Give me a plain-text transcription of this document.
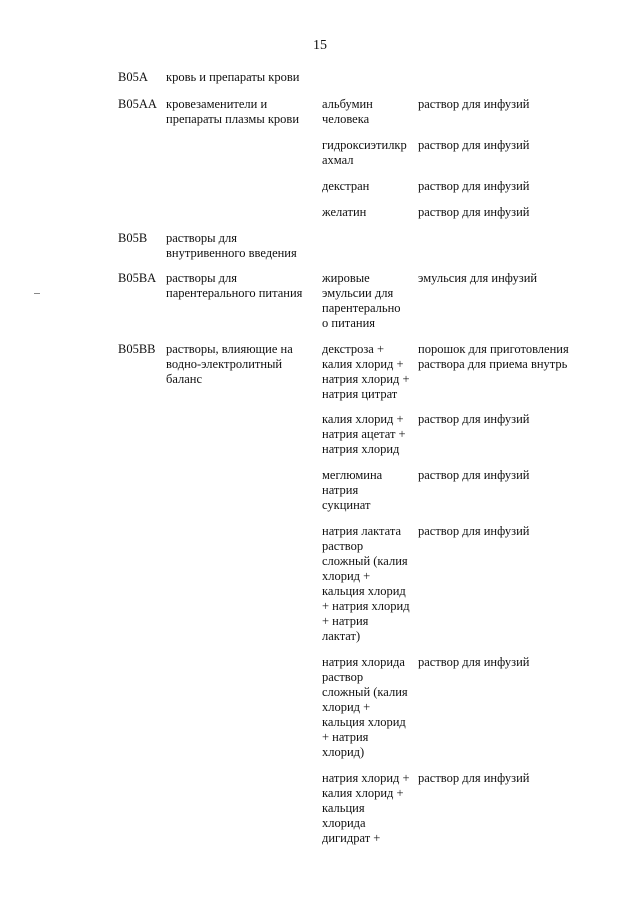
15
B05A кровь и препараты крови
B05AA кровезаменители и
препараты плазмы крови
альбумин
человека
раствор для инфузий
гидроксиэтилкр
ахмал
раствор для инфузий
декстран	раствор для инфузий
желатин	раствор для инфузий
B05B растворы для
внутривенного введения
B05BA растворы для
парентерального питания
жировые
эмульсии для
парентерально
о питания
эмульсия для инфузий
B05BB растворы, влияющие на
водно-электролитный
баланс
декстроза +
калия хлорид +
натрия хлорид +
натрия цитрат
порошок для приготовления
раствора для приема внутрь
калия хлорид +
натрия ацетат +
натрия хлорид
раствор для инфузий
меглюмина
натрия
сукцинат
раствор для инфузий
натрия лактата
раствор
сложный (калия
хлорид +
кальция хлорид
+ натрия хлорид
+ натрия
лактат)
раствор для инфузий
натрия хлорида
раствор
сложный (калия
хлорид +
кальция хлорид
+ натрия
хлорид)
раствор для инфузий
натрия хлорид +
калия хлорид +
кальция
хлорида
дигидрат +
раствор для инфузий
